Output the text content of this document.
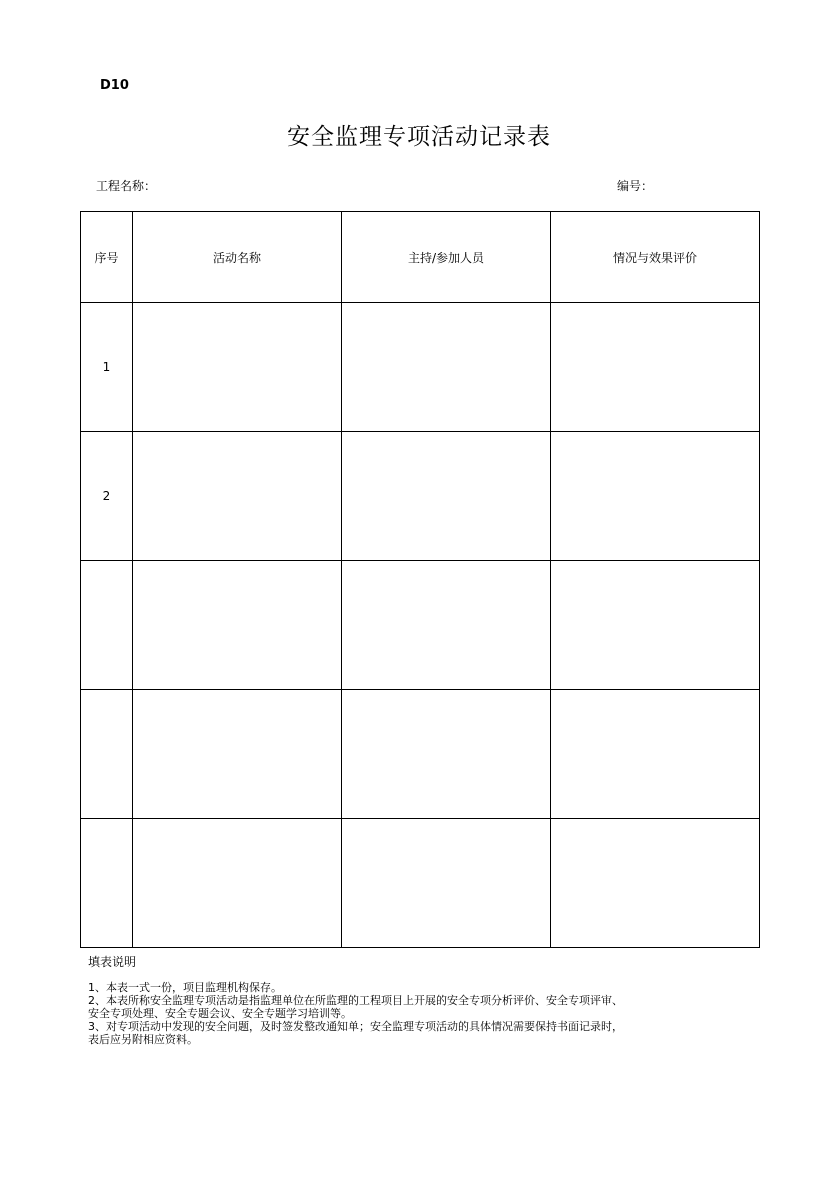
D10
安全监理专项活动记录表
工程名称：	编号：
序号	活动名称	主持/参加人员	情况与效果评价
1			
2			

填表说明

1、本表一式一份，项目监理机构保存。

2、本表所称安全监理专项活动是指监理单位在所监理的工程项目上开展的安全专项分析评价、安全专项评审、

安全专项处理、安全专题会议、安全专题学习培训等。

3、对专项活动中发现的安全问题，及时签发整改通知单；安全监理专项活动的具体情况需要保持书面记录时，

表后应另附相应资料。
